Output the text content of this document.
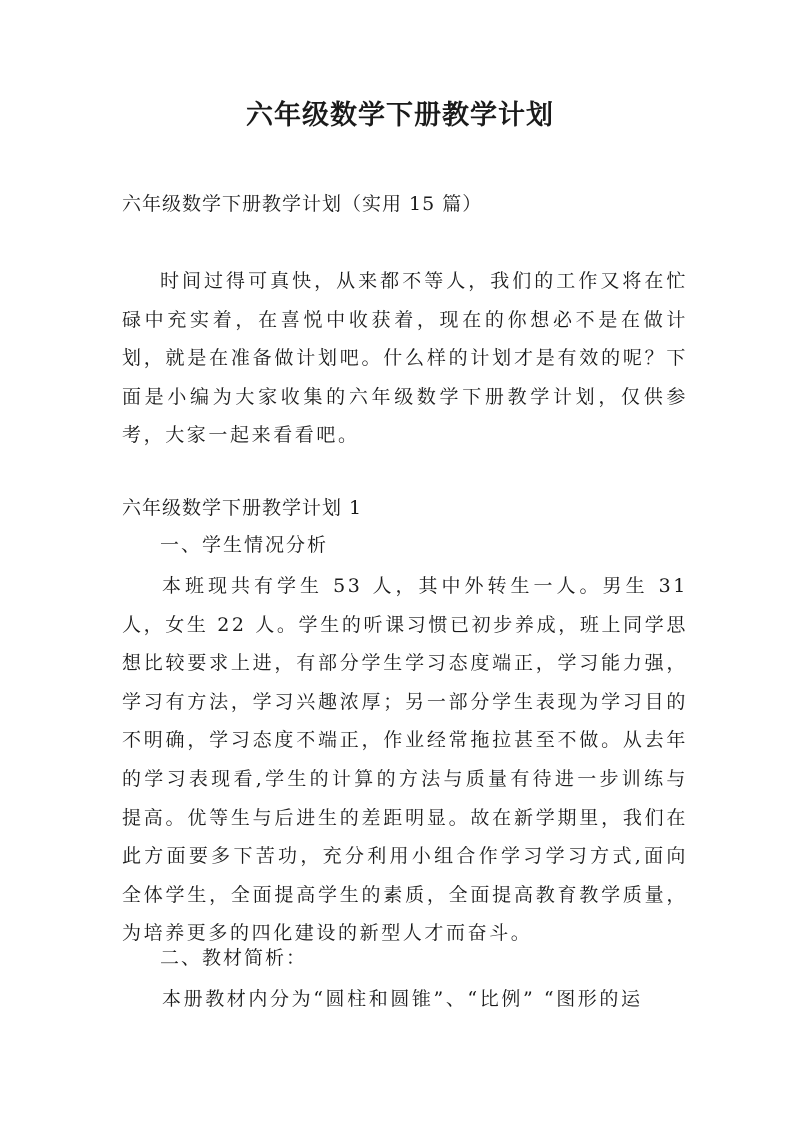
六年级数学下册教学计划
六年级数学下册教学计划（实用 15 篇）

时间过得可真快，从来都不等人，我们的工作又将在忙碌中充实着，在喜悦中收获着，现在的你想必不是在做计划，就是在准备做计划吧。什么样的计划才是有效的呢？下面是小编为大家收集的六年级数学下册教学计划，仅供参考，大家一起来看看吧。

六年级数学下册教学计划 1
一、学生情况分析

本班现共有学生 53 人，其中外转生一人。男生 31 人，女生 22 人。学生的听课习惯已初步养成，班上同学思想比较要求上进，有部分学生学习态度端正，学习能力强，学习有方法，学习兴趣浓厚；另一部分学生表现为学习目的不明确，学习态度不端正，作业经常拖拉甚至不做。从去年的学习表现看,学生的计算的方法与质量有待进一步训练与提高。优等生与后进生的差距明显。故在新学期里，我们在此方面要多下苦功，充分利用小组合作学习学习方式,面向全体学生，全面提高学生的素质，全面提高教育教学质量，为培养更多的四化建设的新型人才而奋斗。

二、教材简析：

本册教材内分为“圆柱和圆锥”、“比例” “图形的运
